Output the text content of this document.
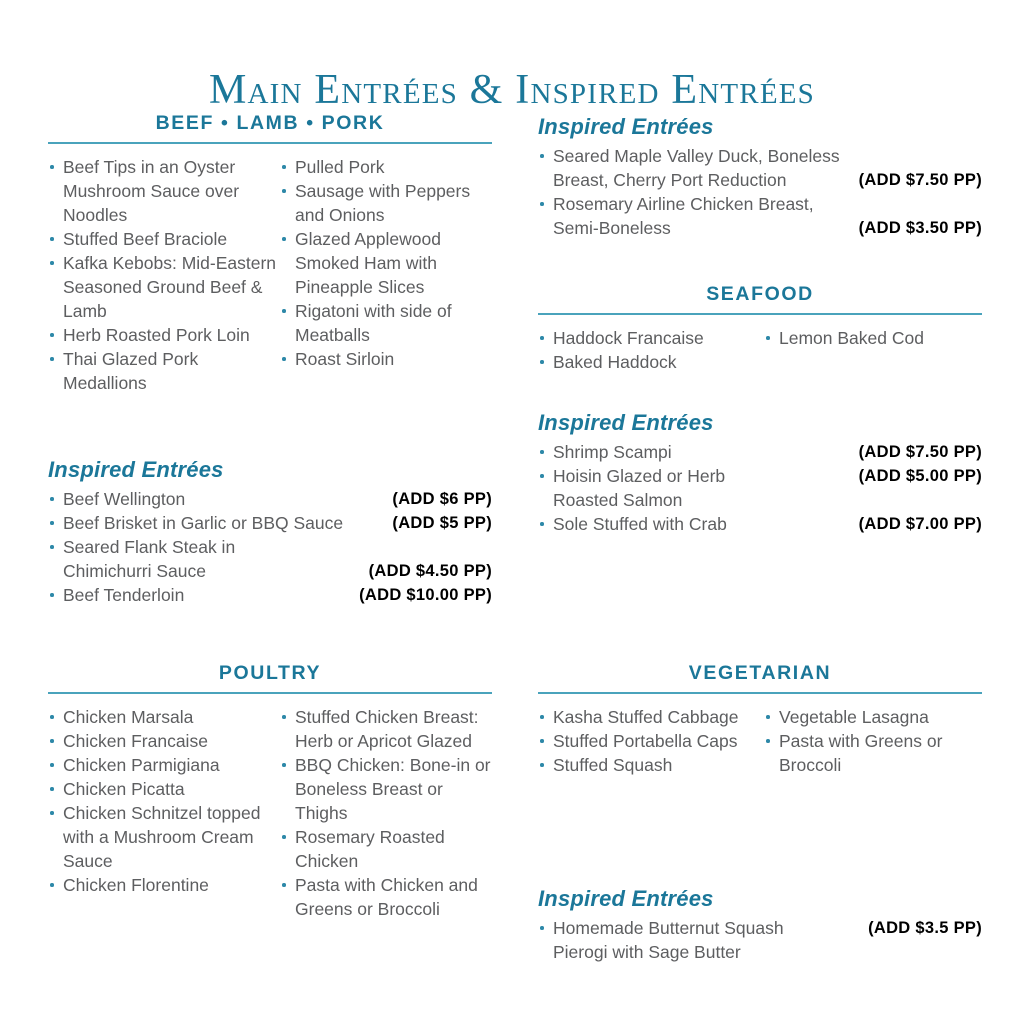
Main Entrées & Inspired Entrées
BEEF • LAMB • PORK
Beef Tips in an Oyster Mushroom Sauce over Noodles
Stuffed Beef Braciole
Kafka Kebobs: Mid-Eastern Seasoned Ground Beef & Lamb
Herb Roasted Pork Loin
Thai Glazed Pork Medallions
Pulled Pork
Sausage with Peppers and Onions
Glazed Applewood Smoked Ham with Pineapple Slices
Rigatoni with side of Meatballs
Roast Sirloin
Inspired Entrées
Beef Wellington	(ADD $6 PP)
Beef Brisket in Garlic or BBQ Sauce	(ADD $5 PP)
Seared Flank Steak in Chimichurri Sauce	(ADD $4.50 PP)
Beef Tenderloin	(ADD $10.00 PP)
POULTRY
Chicken Marsala
Chicken Francaise
Chicken Parmigiana
Chicken Picatta
Chicken Schnitzel topped with a Mushroom Cream Sauce
Chicken Florentine
Stuffed Chicken Breast: Herb or Apricot Glazed
BBQ Chicken: Bone-in or Boneless Breast or Thighs
Rosemary Roasted Chicken
Pasta with Chicken and Greens or Broccoli
Inspired Entrées
Seared Maple Valley Duck, Boneless Breast, Cherry Port Reduction	(ADD $7.50 PP)
Rosemary Airline Chicken Breast, Semi-Boneless	(ADD $3.50 PP)
SEAFOOD
Haddock Francaise
Baked Haddock
Lemon Baked Cod
Inspired Entrées
Shrimp Scampi	(ADD $7.50 PP)
Hoisin Glazed or Herb Roasted Salmon
(ADD $5.00 PP)
Sole Stuffed with Crab	(ADD $7.00 PP)
VEGETARIAN
Kasha Stuffed Cabbage
Stuffed Portabella Caps
Stuffed Squash
Vegetable Lasagna
Pasta with Greens or Broccoli
Inspired Entrées
Homemade Butternut Squash Pierogi with Sage Butter
(ADD $3.5 PP)
